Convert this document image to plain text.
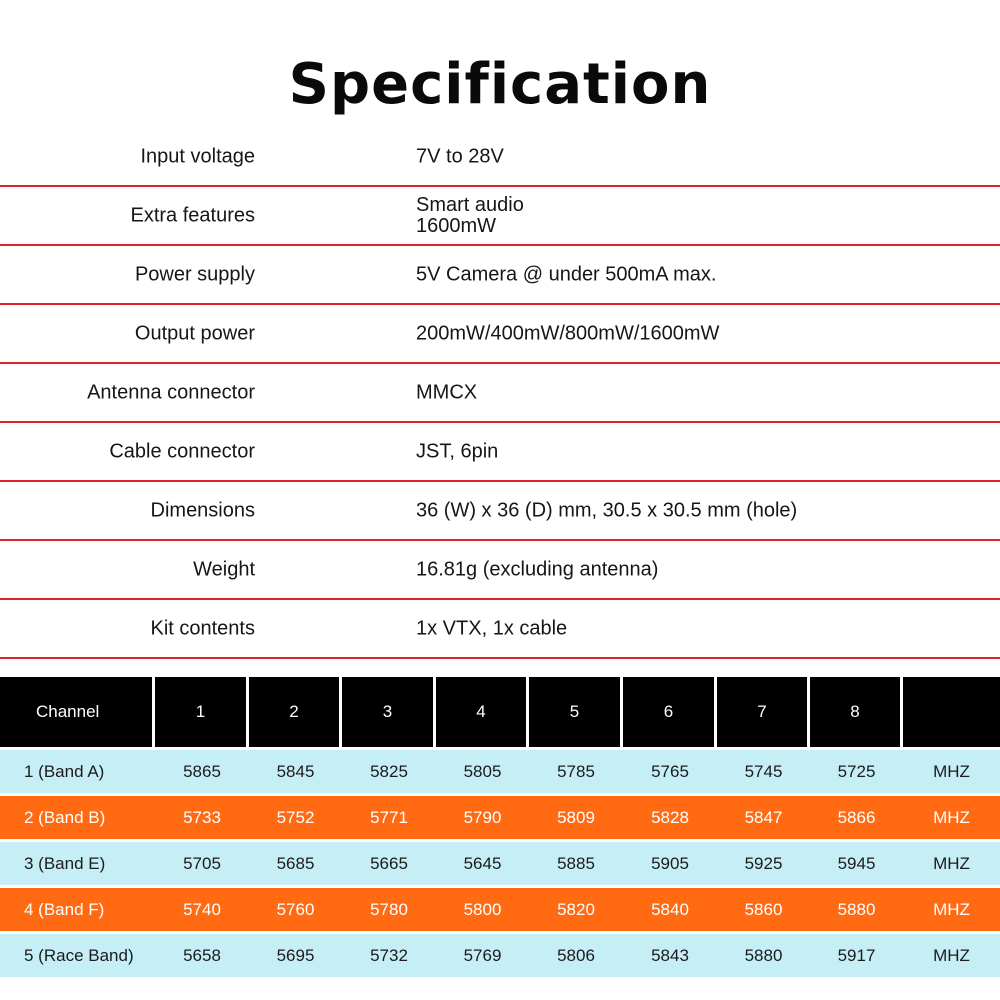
Specification
Input voltage	7V to 28V
Extra features	Smart audio
1600mW
Power supply	5V Camera @ under 500mA max.
Output power	200mW/400mW/800mW/1600mW
Antenna connector	MMCX
Cable connector	JST, 6pin
Dimensions	36 (W) x 36 (D) mm, 30.5 x 30.5 mm (hole)
Weight	16.81g (excluding antenna)
Kit contents	1x VTX, 1x cable
Channel	1	2	3	4	5	6	7	8	
1 (Band A)	5865	5845	5825	5805	5785	5765	5745	5725	MHZ
2 (Band B)	5733	5752	5771	5790	5809	5828	5847	5866	MHZ
3 (Band E)	5705	5685	5665	5645	5885	5905	5925	5945	MHZ
4 (Band F)	5740	5760	5780	5800	5820	5840	5860	5880	MHZ
5 (Race Band)	5658	5695	5732	5769	5806	5843	5880	5917	MHZ
